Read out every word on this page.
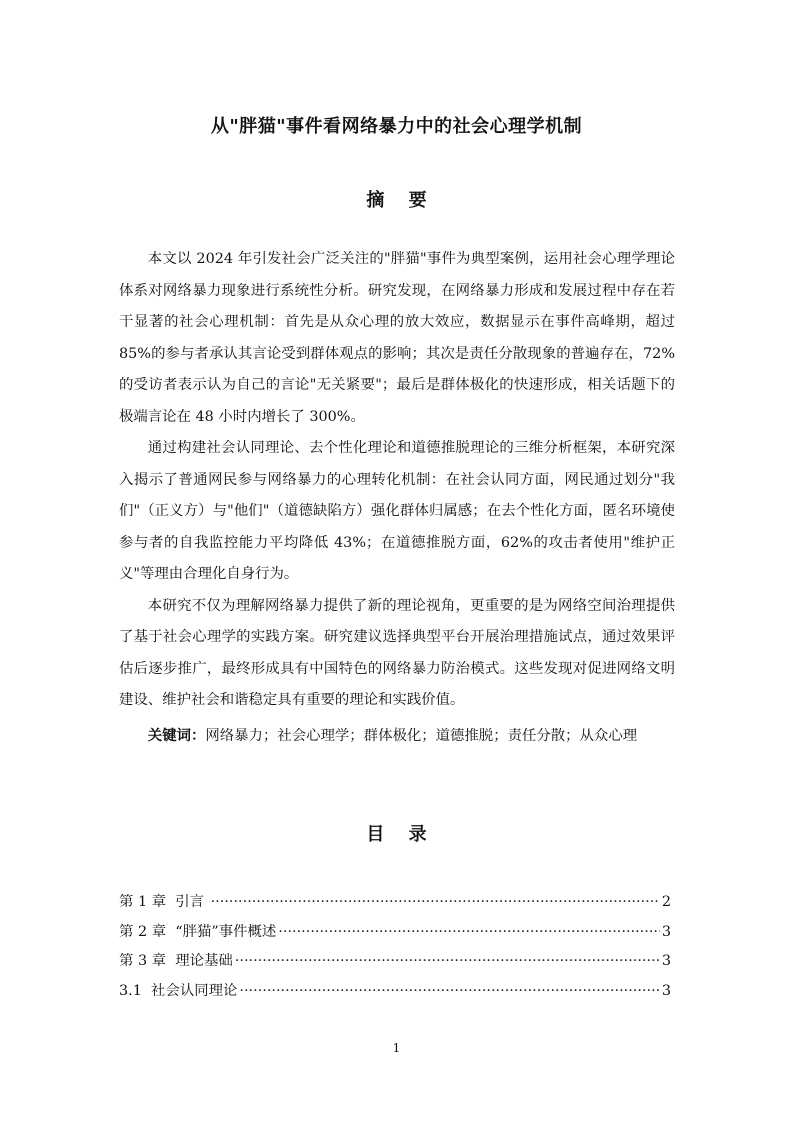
从"胖猫"事件看网络暴力中的社会心理学机制
摘 要

本文以 2024 年引发社会广泛关注的"胖猫"事件为典型案例，运用社会心理学理论体系对网络暴力现象进行系统性分析。研究发现，在网络暴力形成和发展过程中存在若干显著的社会心理机制：首先是从众心理的放大效应，数据显示在事件高峰期，超过 85%的参与者承认其言论受到群体观点的影响；其次是责任分散现象的普遍存在，72%的受访者表示认为自己的言论"无关紧要"；最后是群体极化的快速形成，相关话题下的极端言论在 48 小时内增长了 300%。

通过构建社会认同理论、去个性化理论和道德推脱理论的三维分析框架，本研究深入揭示了普通网民参与网络暴力的心理转化机制：在社会认同方面，网民通过划分"我们"（正义方）与"他们"（道德缺陷方）强化群体归属感；在去个性化方面，匿名环境使参与者的自我监控能力平均降低 43%；在道德推脱方面，62%的攻击者使用"维护正义"等理由合理化自身行为。

本研究不仅为理解网络暴力提供了新的理论视角，更重要的是为网络空间治理提供了基于社会心理学的实践方案。研究建议选择典型平台开展治理措施试点，通过效果评估后逐步推广，最终形成具有中国特色的网络暴力防治模式。这些发现对促进网络文明建设、维护社会和谐稳定具有重要的理论和实践价值。

关键词：网络暴力；社会心理学；群体极化；道德推脱；责任分散；从众心理

目 录
第 1 章  引言 ·····	2
第 2 章  “胖猫”事件概述 ·····	3
第 3 章  理论基础 ·····	3
3.1  社会认同理论 ·····	3
1
